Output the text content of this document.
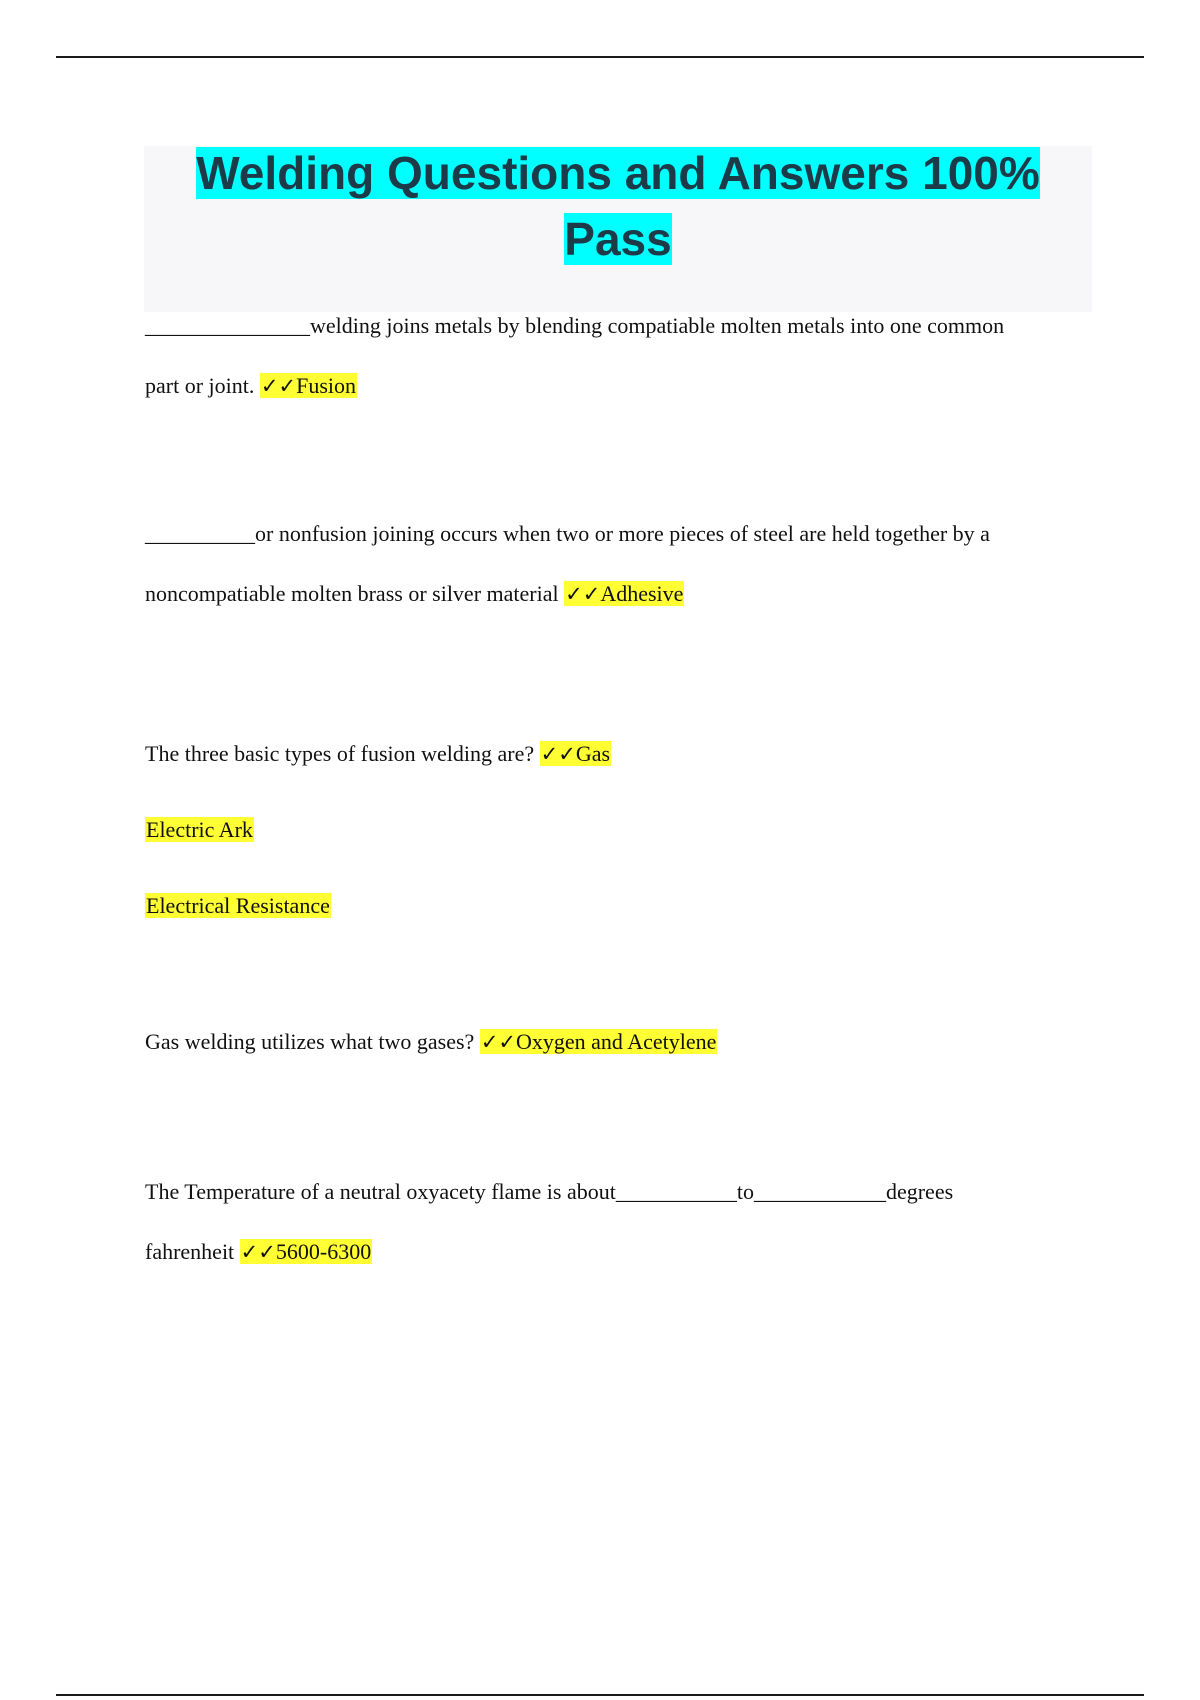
Welding Questions and Answers 100% Pass
_______________welding joins metals by blending compatiable molten metals into one common
part or joint. ✓✓Fusion
__________or nonfusion joining occurs when two or more pieces of steel are held together by a
noncompatiable molten brass or silver material ✓✓Adhesive
The three basic types of fusion welding are? ✓✓Gas
Electric Ark
Electrical Resistance
Gas welding utilizes what two gases? ✓✓Oxygen and Acetylene
The Temperature of a neutral oxyacety flame is about___________to____________degrees
fahrenheit ✓✓5600-6300
